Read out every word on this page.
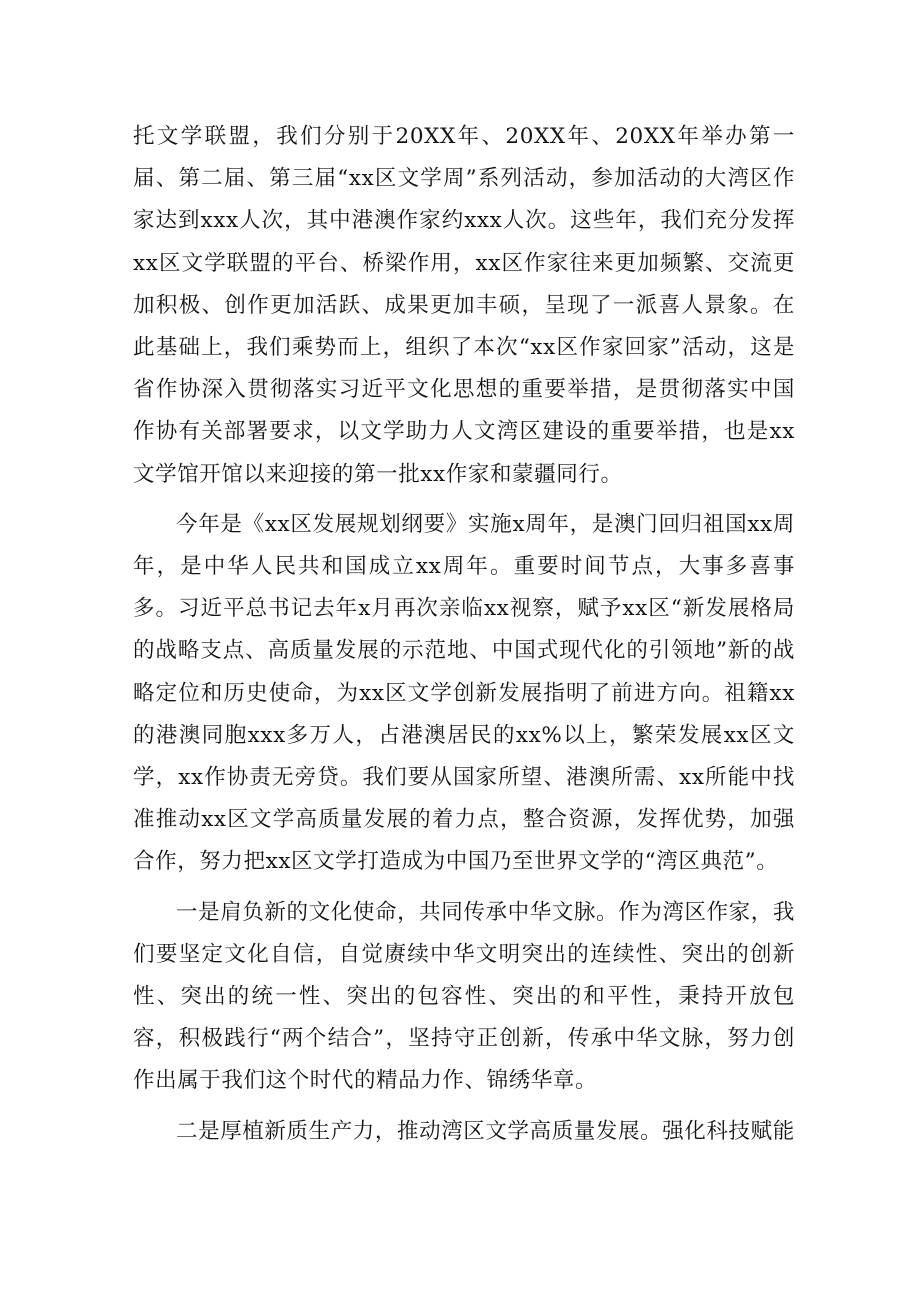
托文学联盟，我们分别于20XX年、20XX年、20XX年举办第一届、第二届、第三届“xx区文学周”系列活动，参加活动的大湾区作家达到xxx人次，其中港澳作家约xxx人次。这些年，我们充分发挥xx区文学联盟的平台、桥梁作用，xx区作家往来更加频繁、交流更加积极、创作更加活跃、成果更加丰硕，呈现了一派喜人景象。在此基础上，我们乘势而上，组织了本次“xx区作家回家”活动，这是省作协深入贯彻落实习近平文化思想的重要举措，是贯彻落实中国作协有关部署要求，以文学助力人文湾区建设的重要举措，也是xx文学馆开馆以来迎接的第一批xx作家和蒙疆同行。

今年是《xx区发展规划纲要》实施x周年，是澳门回归祖国xx周年，是中华人民共和国成立xx周年。重要时间节点，大事多喜事多。习近平总书记去年x月再次亲临xx视察，赋予xx区“新发展格局的战略支点、高质量发展的示范地、中国式现代化的引领地”新的战略定位和历史使命，为xx区文学创新发展指明了前进方向。祖籍xx的港澳同胞xxx多万人，占港澳居民的xx%以上，繁荣发展xx区文学，xx作协责无旁贷。我们要从国家所望、港澳所需、xx所能中找准推动xx区文学高质量发展的着力点，整合资源，发挥优势，加强合作，努力把xx区文学打造成为中国乃至世界文学的“湾区典范”。

一是肩负新的文化使命，共同传承中华文脉。作为湾区作家，我们要坚定文化自信，自觉赓续中华文明突出的连续性、突出的创新性、突出的统一性、突出的包容性、突出的和平性，秉持开放包容，积极践行“两个结合”，坚持守正创新，传承中华文脉，努力创作出属于我们这个时代的精品力作、锦绣华章。

二是厚植新质生产力，推动湾区文学高质量发展。强化科技赋能
